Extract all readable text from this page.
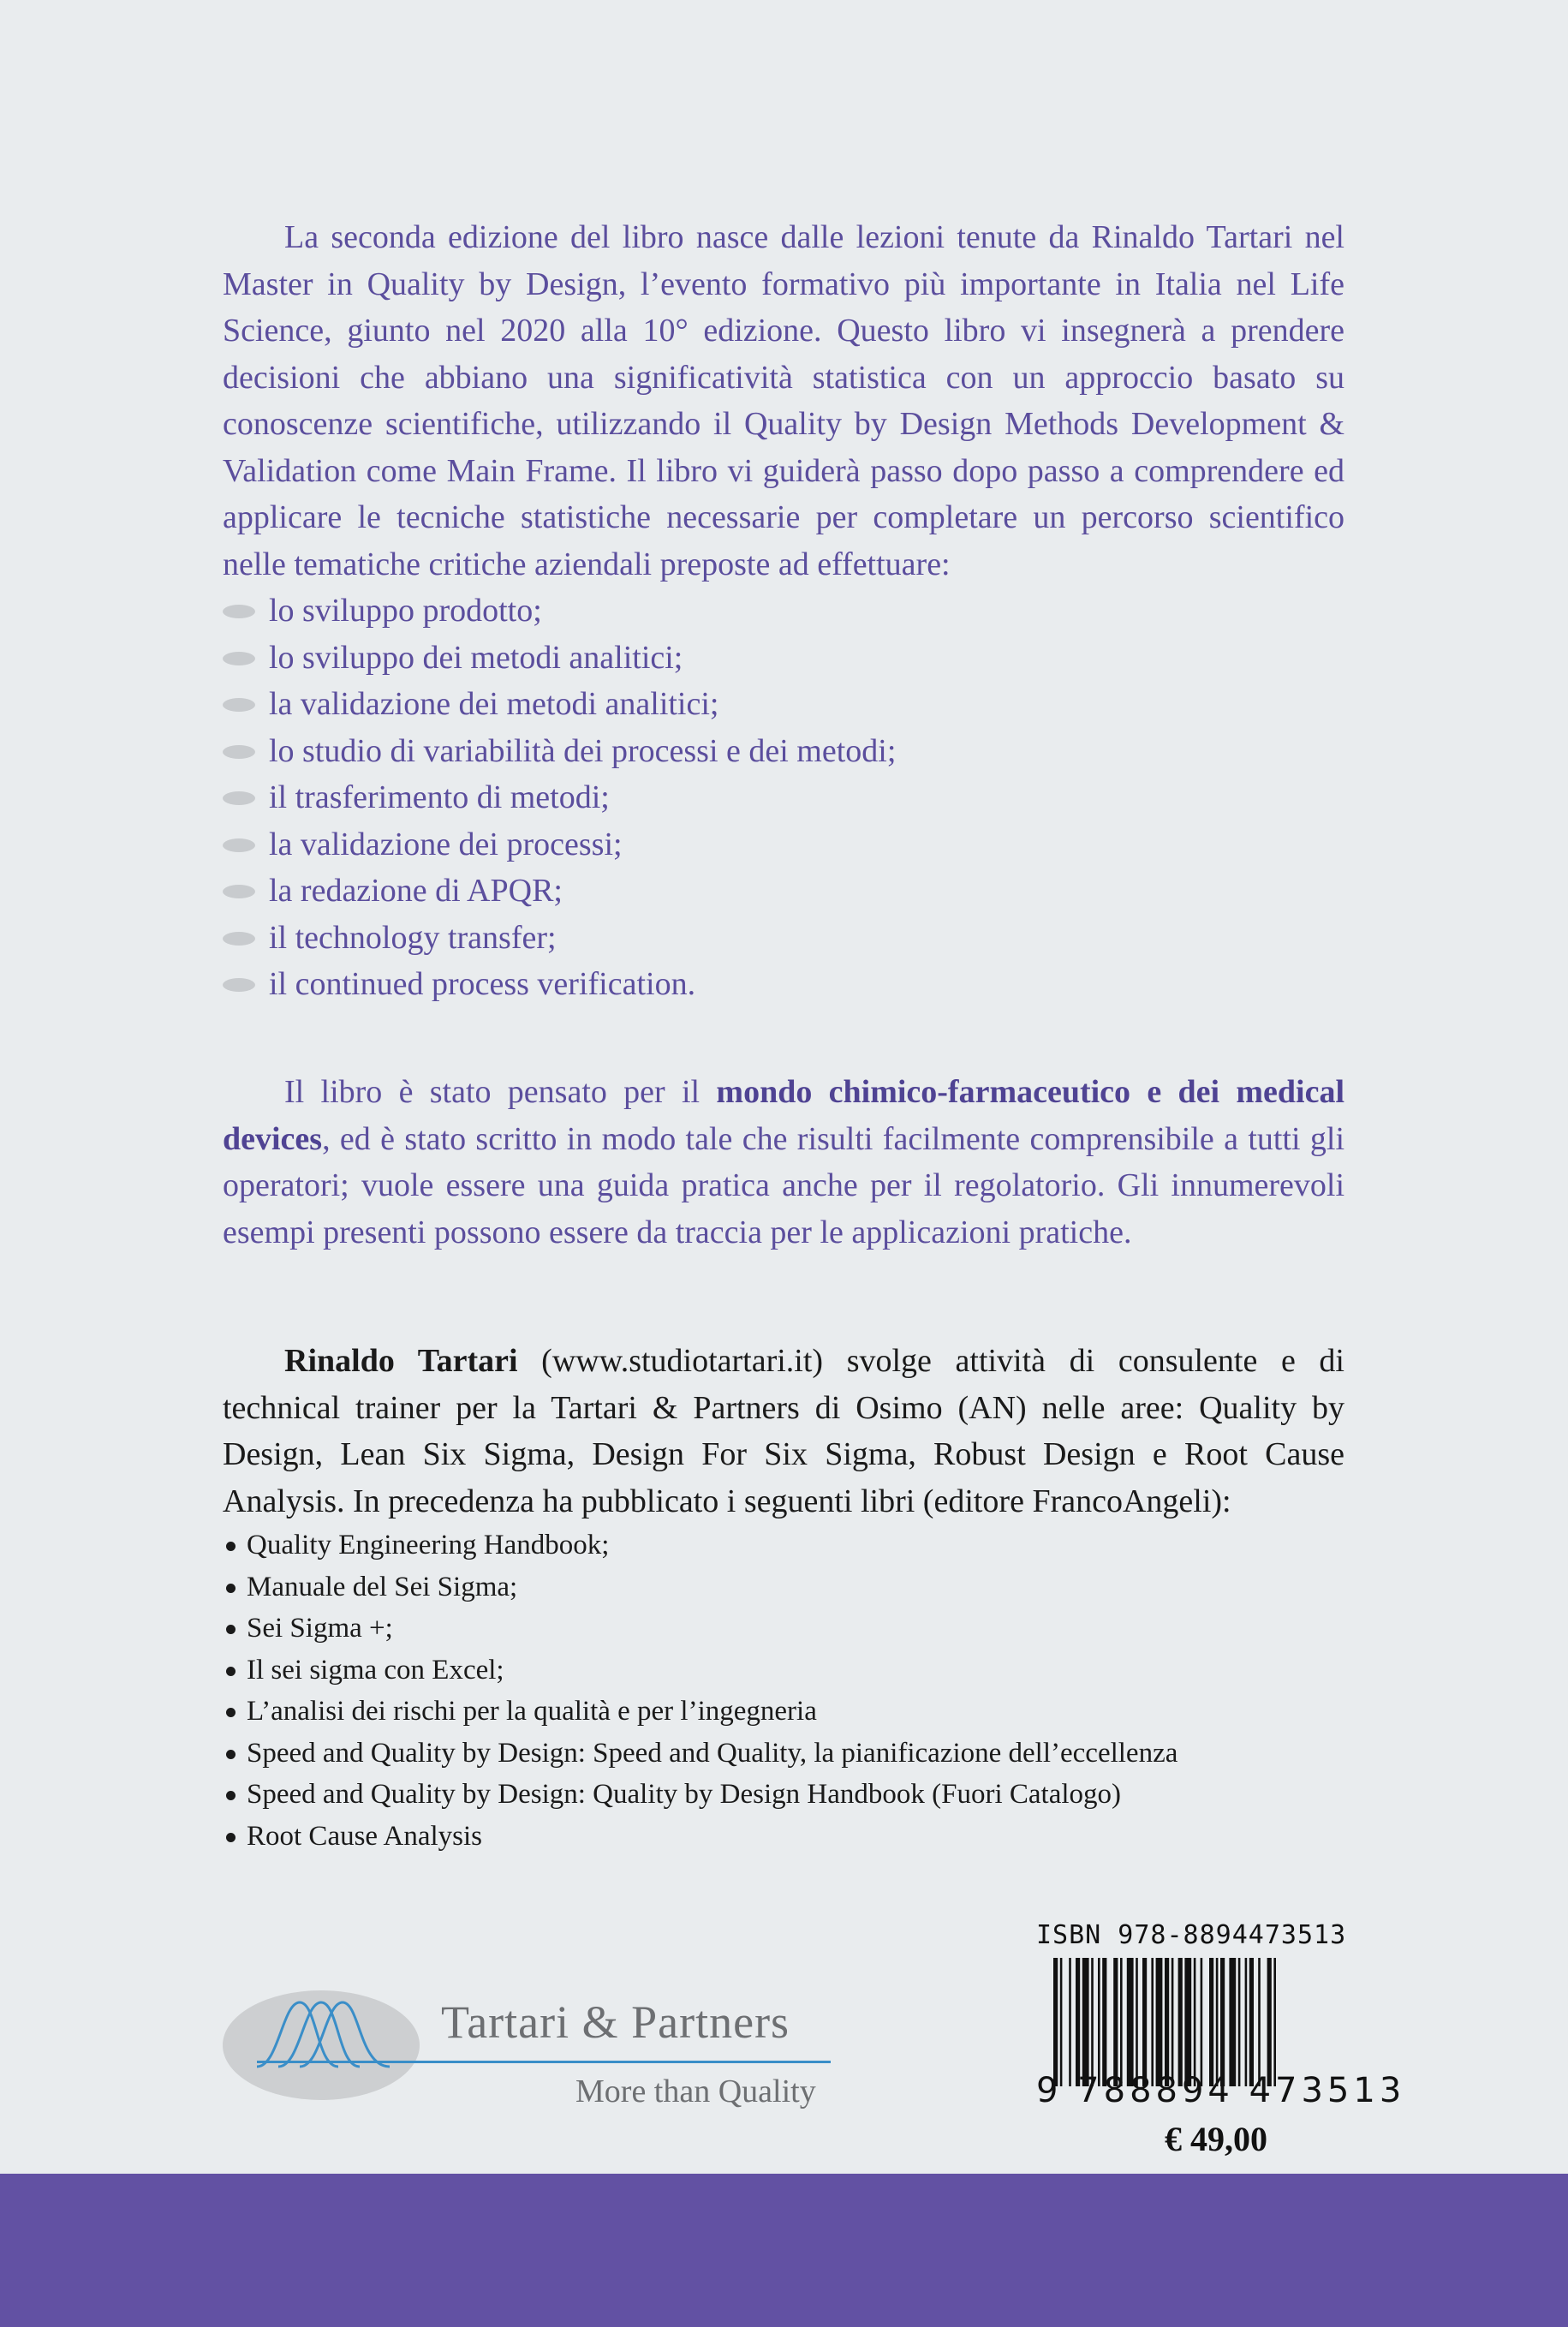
La seconda edizione del libro nasce dalle lezioni tenute da Rinaldo Tartari nel Master in Quality by Design, l’evento formativo più importante in Italia nel Life Science, giunto nel 2020 alla 10° edizione. Questo libro vi insegnerà a prendere decisioni che abbiano una significatività statistica con un approccio basato su conoscenze scientifiche, utilizzando il Quality by Design Methods Development & Validation come Main Frame. Il libro vi guiderà passo dopo passo a comprendere ed applicare le tecniche statistiche necessarie per completare un percorso scientifico nelle tematiche critiche aziendali preposte ad effettuare:

lo sviluppo prodotto;
lo sviluppo dei metodi analitici;
la validazione dei metodi analitici;
lo studio di variabilità dei processi e dei metodi;
il trasferimento di metodi;
la validazione dei processi;
la redazione di APQR;
il technology transfer;
il continued process verification.

Il libro è stato pensato per il mondo chimico-farmaceutico e dei medical devices, ed è stato scritto in modo tale che risulti facilmente comprensibile a tutti gli operatori; vuole essere una guida pratica anche per il regolatorio. Gli innumerevoli esempi presenti possono essere da traccia per le applicazioni pratiche.

Rinaldo Tartari (www.studiotartari.it) svolge attività di consulente e di technical trainer per la Tartari & Partners di Osimo (AN) nelle aree: Quality by Design, Lean Six Sigma, Design For Six Sigma, Robust Design e Root Cause Analysis. In precedenza ha pubblicato i seguenti libri (editore FrancoAngeli):

Quality Engineering Handbook;
Manuale del Sei Sigma;
Sei Sigma +;
Il sei sigma con Excel;
L’analisi dei rischi per la qualità e per l’ingegneria
Speed and Quality by Design: Speed and Quality, la pianificazione dell’eccellenza
Speed and Quality by Design: Quality by Design Handbook (Fuori Catalogo)
Root Cause Analysis
Tartari & Partners
More than Quality
ISBN 978-8894473513
9 788894 473513
€ 49,00
